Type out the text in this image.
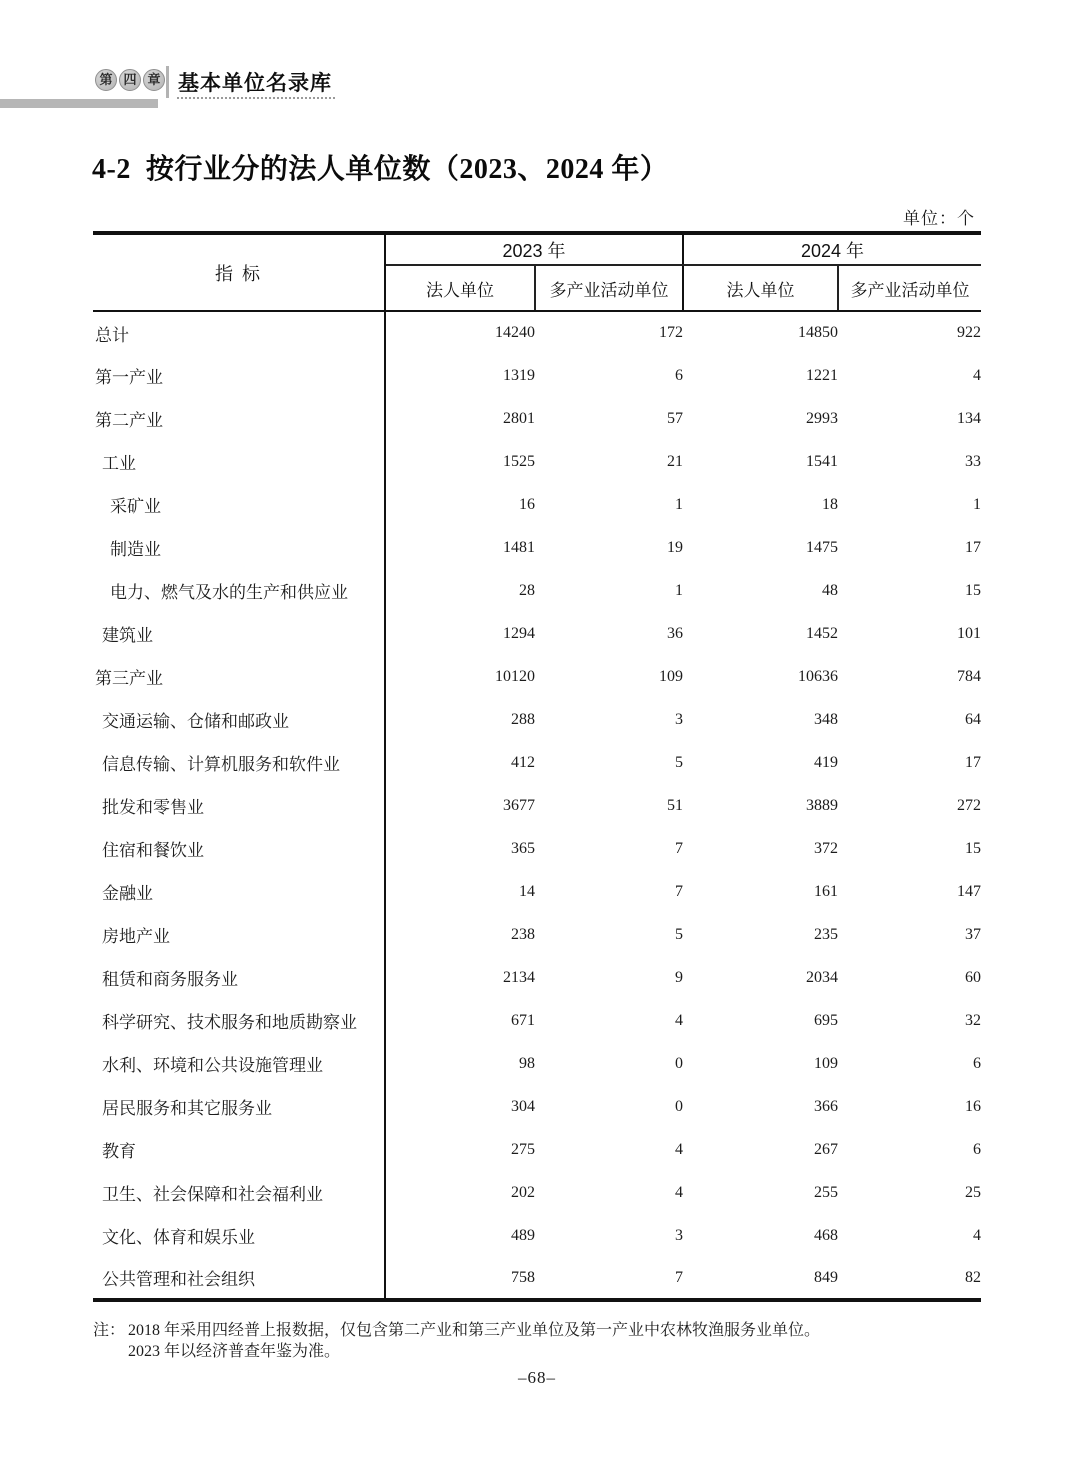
第 四 章 基本单位名录库
4-2  按行业分的法人单位数（2023、2024 年）
单位：个
指 标	2023 年		2024 年	
	法人单位	多产业活动单位	法人单位	多产业活动单位
总计	14240	172	14850	922
第一产业	1319	6	1221	4
第二产业	2801	57	2993	134
工业	1525	21	1541	33
采矿业	16	1	18	1
制造业	1481	19	1475	17
电力、燃气及水的生产和供应业	28	1	48	15
建筑业	1294	36	1452	101
第三产业	10120	109	10636	784
交通运输、仓储和邮政业	288	3	348	64
信息传输、计算机服务和软件业	412	5	419	17
批发和零售业	3677	51	3889	272
住宿和餐饮业	365	7	372	15
金融业	14	7	161	147
房地产业	238	5	235	37
租赁和商务服务业	2134	9	2034	60
科学研究、技术服务和地质勘察业	671	4	695	32
水利、环境和公共设施管理业	98	0	109	6
居民服务和其它服务业	304	0	366	16
教育	275	4	267	6
卫生、社会保障和社会福利业	202	4	255	25
文化、体育和娱乐业	489	3	468	4
公共管理和社会组织	758	7	849	82
注： 2018 年采用四经普上报数据，仅包含第二产业和第三产业单位及第一产业中农林牧渔服务业单位。
2023 年以经济普查年鉴为准。
–68–
